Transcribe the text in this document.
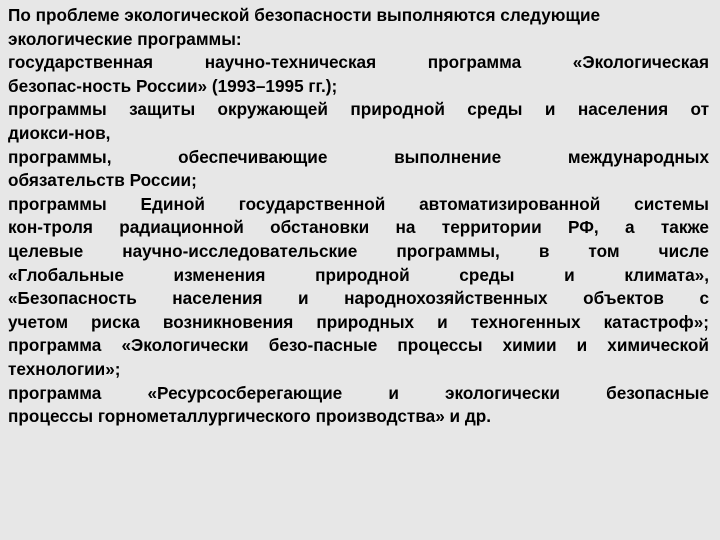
По проблеме экологической безопасности выполняются следующие
экологические программы:
государственная научно-техническая программа «Экологическая
безопас-ность России» (1993–1995 гг.);
программы защиты окружающей природной среды и населения от
диокси-нов,
программы, обеспечивающие выполнение международных
обязательств России;
программы Единой государственной автоматизированной системы
кон-троля радиационной обстановки на территории РФ, а также
целевые научно-исследовательские программы, в том числе
«Глобальные изменения природной среды и климата»,
«Безопасность населения и народнохозяйственных объектов с
учетом риска возникновения природных и техногенных катастроф»;
программа «Экологически безо-пасные процессы химии и химической
технологии»;
программа «Ресурсосберегающие и экологически безопасные
процессы горнометаллургического производства» и др.
